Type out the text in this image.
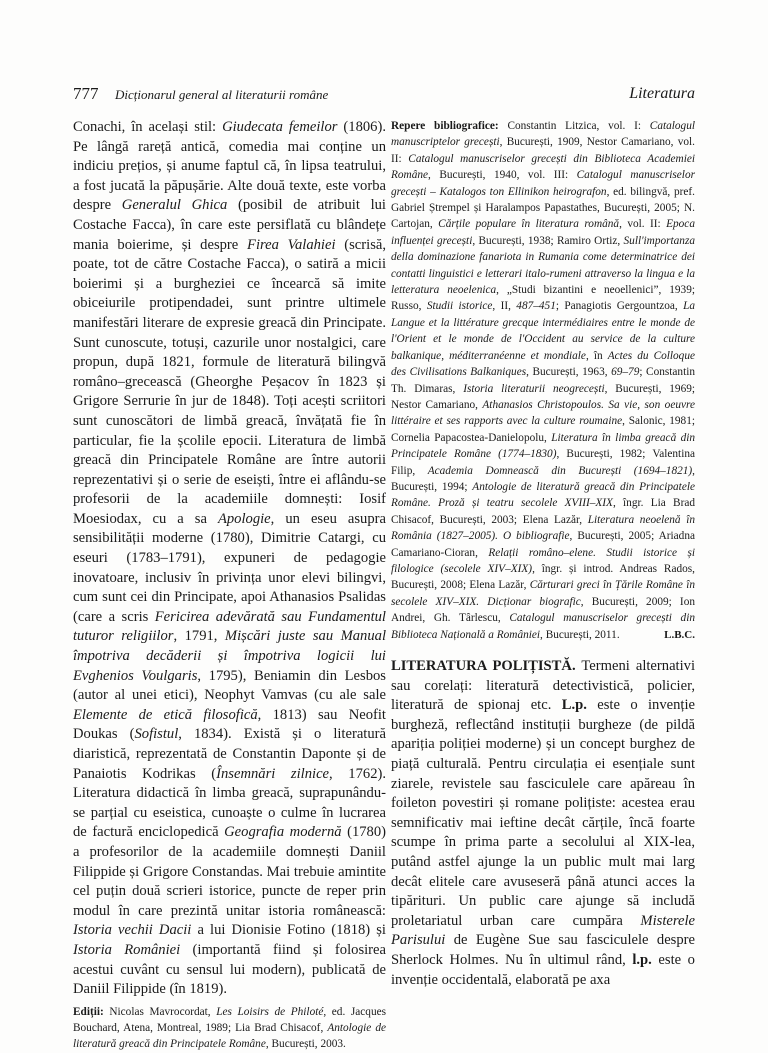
777 Dicționarul general al literaturii române	Literatura

Conachi, în același stil: Giudecata femeilor (1806). Pe lângă rareță antică, comedia mai conține un indiciu prețios, și anume faptul că, în lipsa teatrului, a fost jucată la păpușărie. Alte două texte, este vorba despre Generalul Ghica (posibil de atribuit lui Costache Facca), în care este persiflată cu blândețe mania boierime, și despre Firea Valahiei (scrisă, poate, tot de către Costache Facca), o satiră a micii boierimi și a burgheziei ce încearcă să imite obiceiurile protipendadei, sunt printre ultimele manifestări literare de expresie greacă din Principate. Sunt cunoscute, totuși, cazurile unor nostalgici, care propun, după 1821, formule de literatură bilingvă româno–grecească (Gheorghe Peșacov în 1823 și Grigore Serrurie în jur de 1848). Toți acești scriitori sunt cunoscători de limbă greacă, învățată fie în particular, fie la școlile epocii. Literatura de limbă greacă din Principatele Române are între autorii reprezentativi și o serie de eseiști, între ei aflându-se profesorii de la academiile domnești: Iosif Moesiodax, cu a sa Apologie, un eseu asupra sensibilității moderne (1780), Dimitrie Catargi, cu eseuri (1783–1791), expuneri de pedagogie inovatoare, inclusiv în privința unor elevi bilingvi, cum sunt cei din Principate, apoi Athanasios Psalidas (care a scris Fericirea adevărată sau Fundamentul tuturor religiilor, 1791, Mișcări juste sau Manual împotriva decăderii și împotriva logicii lui Evghenios Voulgaris, 1795), Beniamin din Lesbos (autor al unei etici), Neophyt Vamvas (cu ale sale Elemente de etică filosofică, 1813) sau Neofit Doukas (Sofistul, 1834). Există și o literatură diaristică, reprezentată de Constantin Daponte și de Panaiotis Kodrikas (Însemnări zilnice, 1762). Literatura didactică în limba greacă, suprapunându-se parțial cu eseistica, cunoaște o culme în lucrarea de factură enciclopedică Geografia modernă (1780) a profesorilor de la academiile domnești Daniil Filippide și Grigore Constandas. Mai trebuie amintite cel puțin două scrieri istorice, puncte de reper prin modul în care prezintă unitar istoria românească: Istoria vechii Dacii a lui Dionisie Fotino (1818) și Istoria României (importantă fiind și folosirea acestui cuvânt cu sensul lui modern), publicată de Daniil Filippide (în 1819).

Ediții: Nicolas Mavrocordat, Les Loisirs de Philoté, ed. Jacques Bouchard, Atena, Montreal, 1989; Lia Brad Chisacof, Antologie de literatură greacă din Principatele Române, București, 2003.

Repere bibliografice: Constantin Litzica, vol. I: Catalogul manuscriptelor grecești, București, 1909, Nestor Camariano, vol. II: Catalogul manuscriselor grecești din Biblioteca Academiei Române, București, 1940, vol. III: Catalogul manuscriselor grecești – Katalogos ton Ellinikon heirografon, ed. bilingvă, pref. Gabriel Ștrempel și Haralampos Papastathes, București, 2005; N. Cartojan, Cărțile populare în literatura română, vol. II: Epoca influenței grecești, București, 1938; Ramiro Ortiz, Sull'importanza della dominazione fanariota in Rumania come determinatrice dei contatti linguistici e letterari italo-rumeni attraverso la lingua e la letteratura neoelenica, „Studi bizantini e neoellenici”, 1939; Russo, Studii istorice, II, 487–451; Panagiotis Gergountzoa, La Langue et la littérature grecque intermédiaires entre le monde de l'Orient et le monde de l'Occident au service de la culture balkanique, méditerranéenne et mondiale, în Actes du Colloque des Civilisations Balkaniques, București, 1963, 69–79; Constantin Th. Dimaras, Istoria literaturii neogrecești, București, 1969; Nestor Camariano, Athanasios Christopoulos. Sa vie, son oeuvre littéraire et ses rapports avec la culture roumaine, Salonic, 1981; Cornelia Papacostea-Danielopolu, Literatura în limba greacă din Principatele Române (1774–1830), București, 1982; Valentina Filip, Academia Domnească din București (1694–1821), București, 1994; Antologie de literatură greacă din Principatele Române. Proză și teatru secolele XVIII–XIX, îngr. Lia Brad Chisacof, București, 2003; Elena Lazăr, Literatura neoelenă în România (1827–2005). O bibliografie, București, 2005; Ariadna Camariano-Cioran, Relații româno–elene. Studii istorice și filologice (secolele XIV–XIX), îngr. și introd. Andreas Rados, București, 2008; Elena Lazăr, Cărturari greci în Țările Române în secolele XIV–XIX. Dicționar biografic, București, 2009; Ion Andrei, Gh. Târlescu, Catalogul manuscriselor grecești din Biblioteca Națională a României, București, 2011.	L.B.C.

LITERATURA POLIȚISTĂ. Termeni alternativi sau corelați: literatură detectivistică, policier, literatură de spionaj etc. L.p. este o invenție burgheză, reflectând instituții burgheze (de pildă apariția poliției moderne) și un concept burghez de piață culturală. Pentru circulația ei esențiale sunt ziarele, revistele sau fasciculele care apăreau în foileton povestiri și romane polițiste: acestea erau semnificativ mai ieftine decât cărțile, încă foarte scumpe în prima parte a secolului al XIX-lea, putând astfel ajunge la un public mult mai larg decât elitele care avuseseră până atunci acces la tipărituri. Un public care ajunge să includă proletariatul urban care cumpăra Misterele Parisului de Eugène Sue sau fasciculele despre Sherlock Holmes. Nu în ultimul rând, l.p. este o invenție occidentală, elaborată pe axa
